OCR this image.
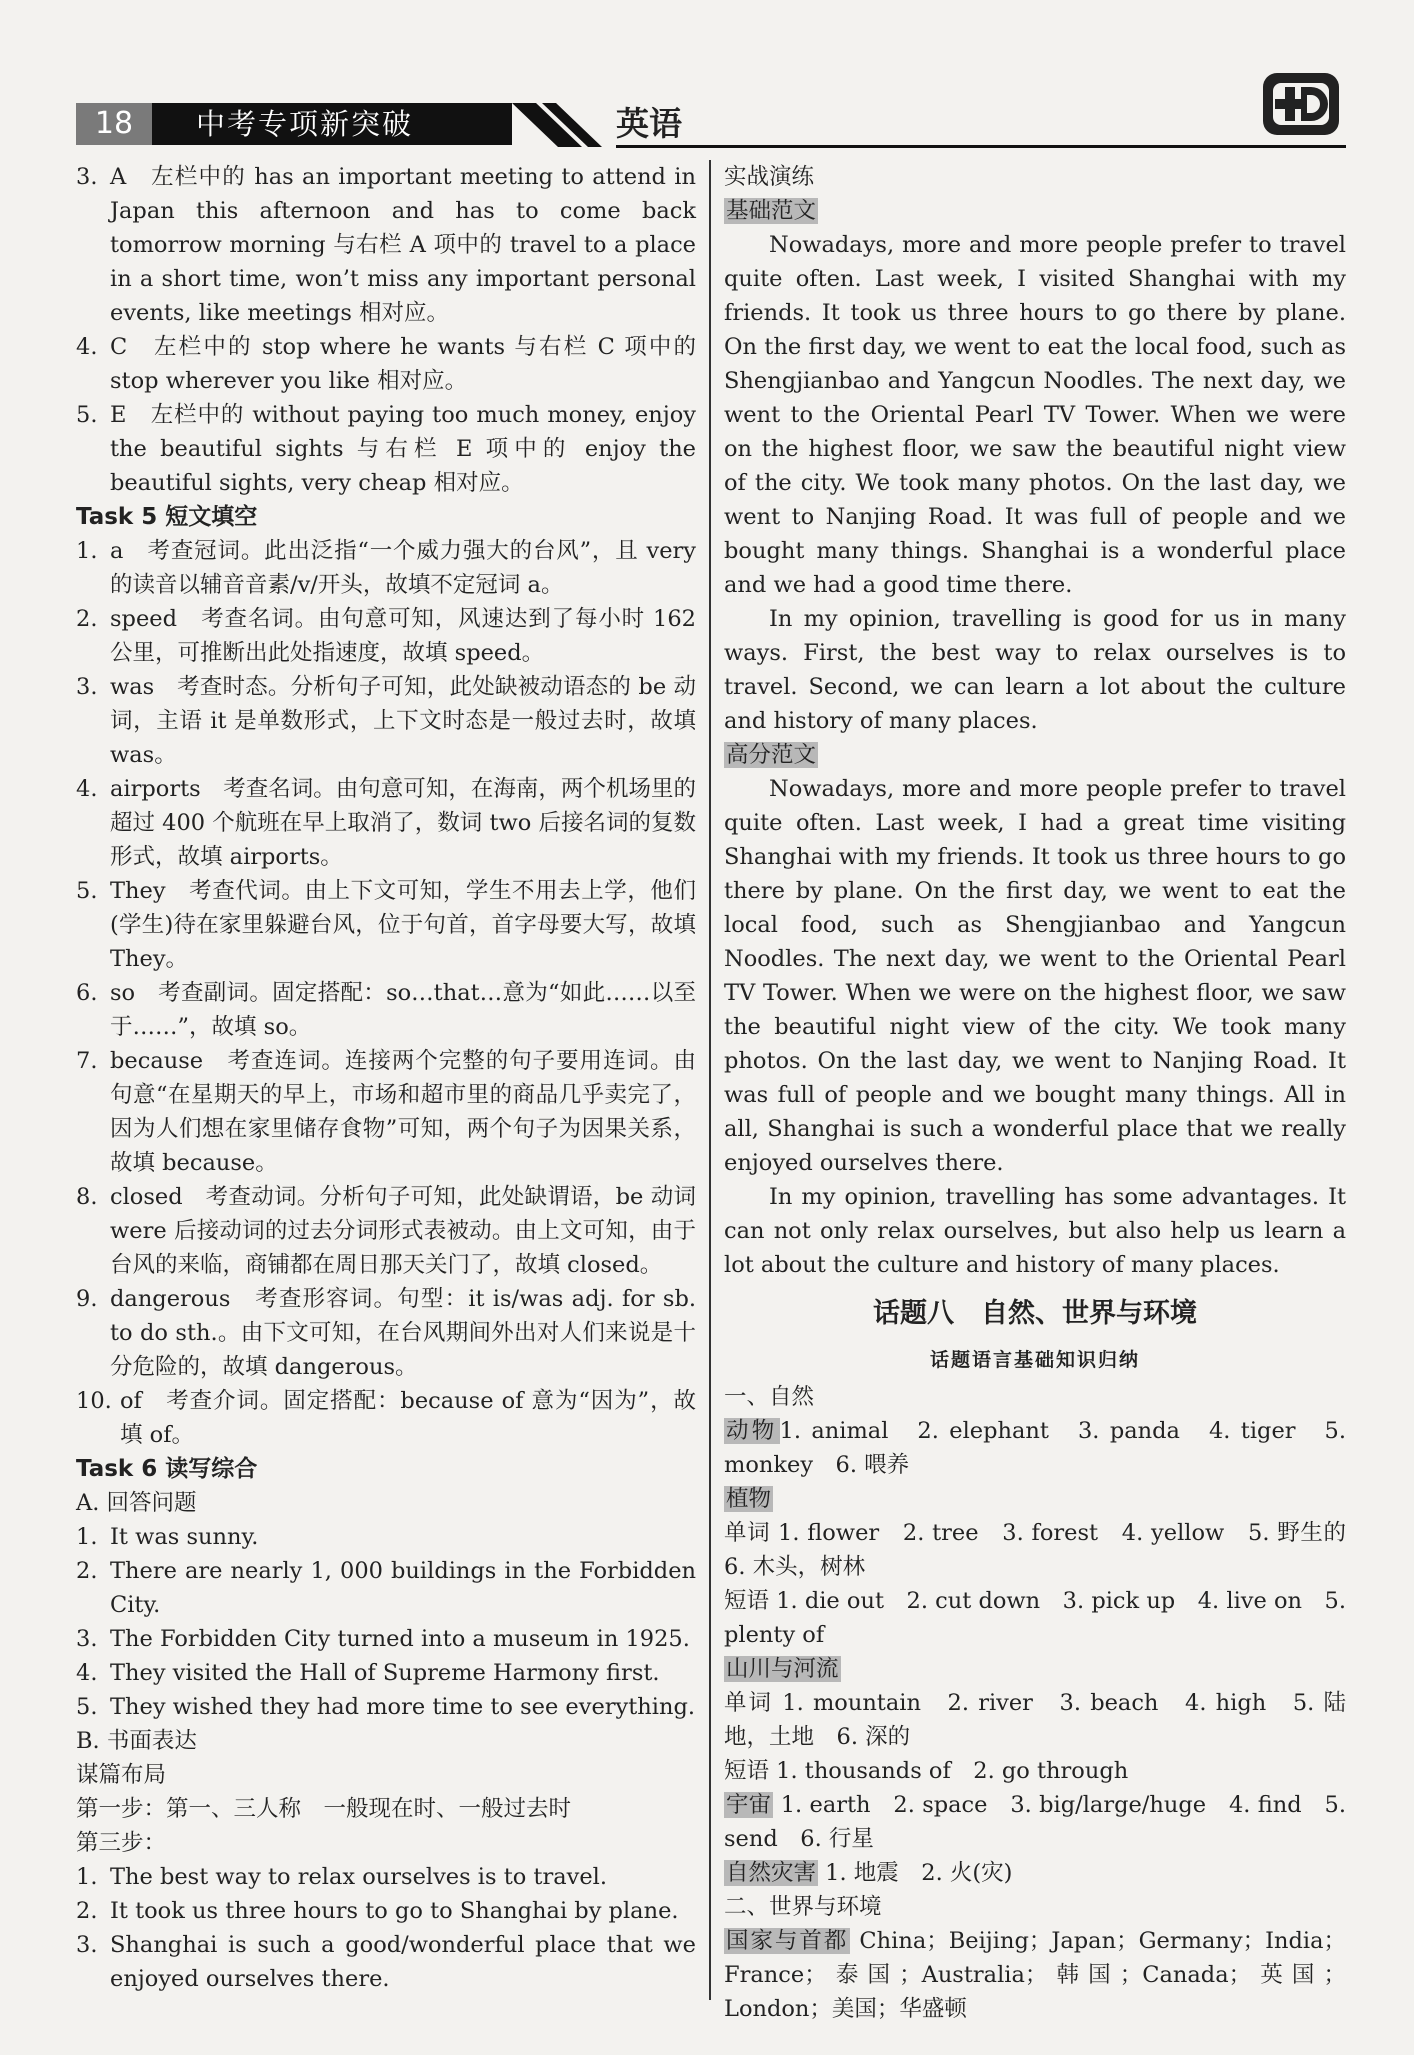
18	中考专项新突破	英语
3. A　左栏中的 has an important meeting to attend in Japan this afternoon and has to come back tomorrow morning 与右栏 A 项中的 travel to a place in a short time, won’t miss any important personal events, like meetings 相对应。
4. C　左栏中的 stop where he wants 与右栏 C 项中的 stop wherever you like 相对应。
5. E　左栏中的 without paying too much money, enjoy the beautiful sights 与右栏 E 项中的 enjoy the beautiful sights, very cheap 相对应。
Task 5 短文填空
1. a　考查冠词。此出泛指“一个威力强大的台风”，且 very 的读音以辅音音素/v/开头，故填不定冠词 a。
2. speed　考查名词。由句意可知，风速达到了每小时 162 公里，可推断出此处指速度，故填 speed。
3. was　考查时态。分析句子可知，此处缺被动语态的 be 动词，主语 it 是单数形式，上下文时态是一般过去时，故填 was。
4. airports　考查名词。由句意可知，在海南，两个机场里的超过 400 个航班在早上取消了，数词 two 后接名词的复数形式，故填 airports。
5. They　考查代词。由上下文可知，学生不用去上学，他们(学生)待在家里躲避台风，位于句首，首字母要大写，故填 They。
6. so　考查副词。固定搭配：so…that…意为“如此……以至于……”，故填 so。
7. because　考查连词。连接两个完整的句子要用连词。由句意“在星期天的早上，市场和超市里的商品几乎卖完了，因为人们想在家里储存食物”可知，两个句子为因果关系，故填 because。
8. closed　考查动词。分析句子可知，此处缺谓语，be 动词 were 后接动词的过去分词形式表被动。由上文可知，由于台风的来临，商铺都在周日那天关门了，故填 closed。
9. dangerous　考查形容词。句型：it is/was adj. for sb. to do sth.。由下文可知，在台风期间外出对人们来说是十分危险的，故填 dangerous。
10. of　考查介词。固定搭配：because of 意为“因为”，故填 of。
Task 6 读写综合
A. 回答问题
1. It was sunny.
2. There are nearly 1, 000 buildings in the Forbidden City.
3. The Forbidden City turned into a museum in 1925.
4. They visited the Hall of Supreme Harmony first.
5. They wished they had more time to see everything.
B. 书面表达
谋篇布局
第一步：第一、三人称　一般现在时、一般过去时
第三步：
1. The best way to relax ourselves is to travel.
2. It took us three hours to go to Shanghai by plane.
3. Shanghai is such a good/wonderful place that we enjoyed ourselves there.
实战演练
基础范文

Nowadays, more and more people prefer to travel quite often. Last week, I visited Shanghai with my friends. It took us three hours to go there by plane. On the first day, we went to eat the local food, such as Shengjianbao and Yangcun Noodles. The next day, we went to the Oriental Pearl TV Tower. When we were on the highest floor, we saw the beautiful night view of the city. We took many photos. On the last day, we went to Nanjing Road. It was full of people and we bought many things. Shanghai is a wonderful place and we had a good time there.

In my opinion, travelling is good for us in many ways. First, the best way to relax ourselves is to travel. Second, we can learn a lot about the culture and history of many places.

高分范文

Nowadays, more and more people prefer to travel quite often. Last week, I had a great time visiting Shanghai with my friends. It took us three hours to go there by plane. On the first day, we went to eat the local food, such as Shengjianbao and Yangcun Noodles. The next day, we went to the Oriental Pearl TV Tower. When we were on the highest floor, we saw the beautiful night view of the city. We took many photos. On the last day, we went to Nanjing Road. It was full of people and we bought many things. All in all, Shanghai is such a wonderful place that we really enjoyed ourselves there.

In my opinion, travelling has some advantages. It can not only relax ourselves, but also help us learn a lot about the culture and history of many places.

话题八　自然、世界与环境
话题语言基础知识归纳
一、自然
动物1. animal　2. elephant　3. panda　4. tiger　5. monkey　6. 喂养
植物
单词 1. flower　2. tree　3. forest　4. yellow　5. 野生的　6. 木头，树林
短语 1. die out　2. cut down　3. pick up　4. live on　5. plenty of
山川与河流
单词 1. mountain　2. river　3. beach　4. high　5. 陆地，土地　6. 深的
短语 1. thousands of　2. go through
宇宙 1. earth　2. space　3. big/large/huge　4. find　5. send　6. 行星
自然灾害 1. 地震　2. 火(灾)
二、世界与环境
国家与首都 China；Beijing；Japan；Germany；India；France；泰国；Australia；韩国；Canada；英国；London；美国；华盛顿
